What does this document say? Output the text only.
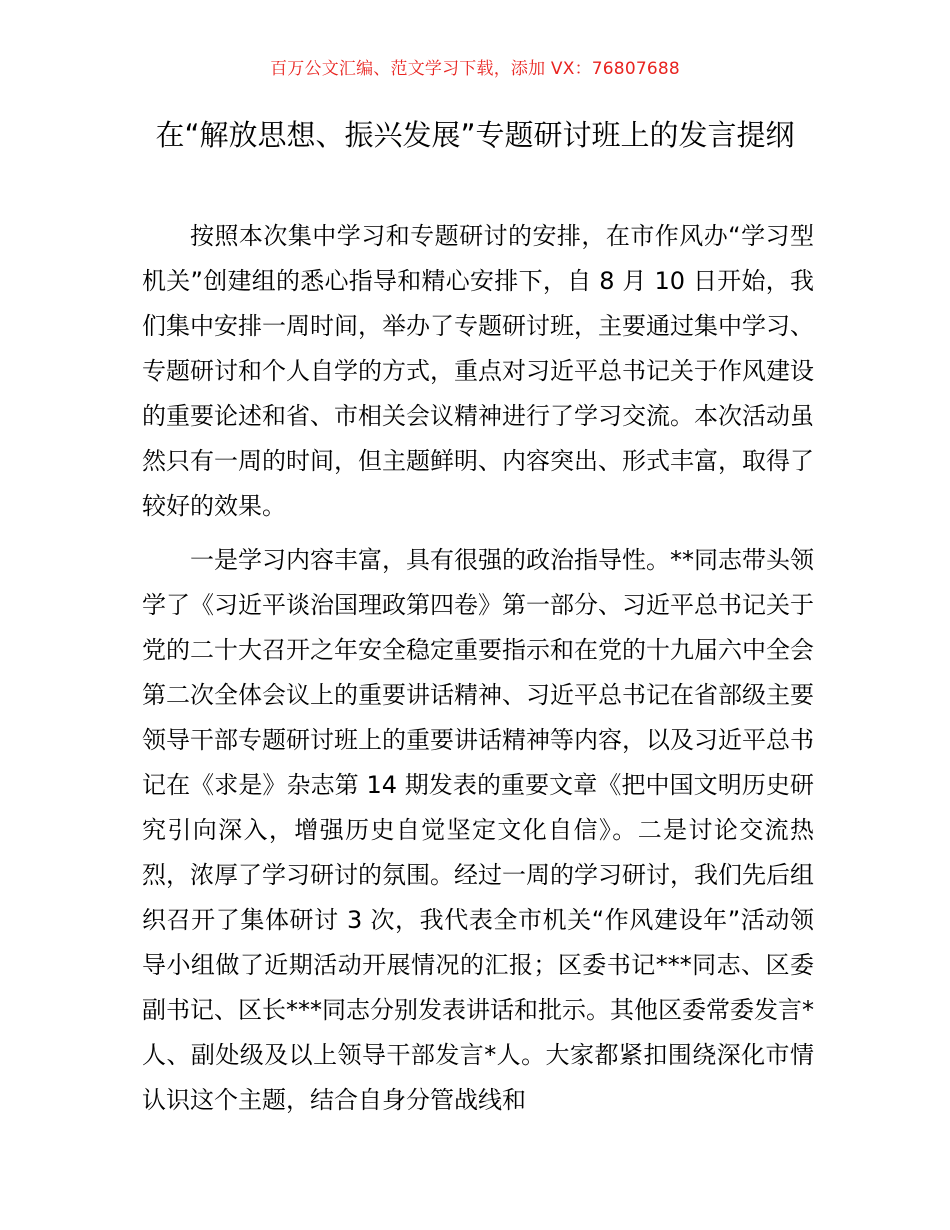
百万公文汇编、范文学习下载，添加 VX：76807688
在“解放思想、振兴发展”专题研讨班上的发言提纲

按照本次集中学习和专题研讨的安排，在市作风办“学习型机关”创建组的悉心指导和精心安排下，自 8 月 10 日开始，我们集中安排一周时间，举办了专题研讨班，主要通过集中学习、专题研讨和个人自学的方式，重点对习近平总书记关于作风建设的重要论述和省、市相关会议精神进行了学习交流。本次活动虽然只有一周的时间，但主题鲜明、内容突出、形式丰富，取得了较好的效果。

一是学习内容丰富，具有很强的政治指导性。**同志带头领学了《习近平谈治国理政第四卷》第一部分、习近平总书记关于党的二十大召开之年安全稳定重要指示和在党的十九届六中全会第二次全体会议上的重要讲话精神、习近平总书记在省部级主要领导干部专题研讨班上的重要讲话精神等内容，以及习近平总书记在《求是》杂志第 14 期发表的重要文章《把中国文明历史研究引向深入，增强历史自觉坚定文化自信》。二是讨论交流热烈，浓厚了学习研讨的氛围。经过一周的学习研讨，我们先后组织召开了集体研讨 3 次，我代表全市机关“作风建设年”活动领导小组做了近期活动开展情况的汇报；区委书记***同志、区委副书记、区长***同志分别发表讲话和批示。其他区委常委发言*人、副处级及以上领导干部发言*人。大家都紧扣围绕深化市情认识这个主题，结合自身分管战线和
